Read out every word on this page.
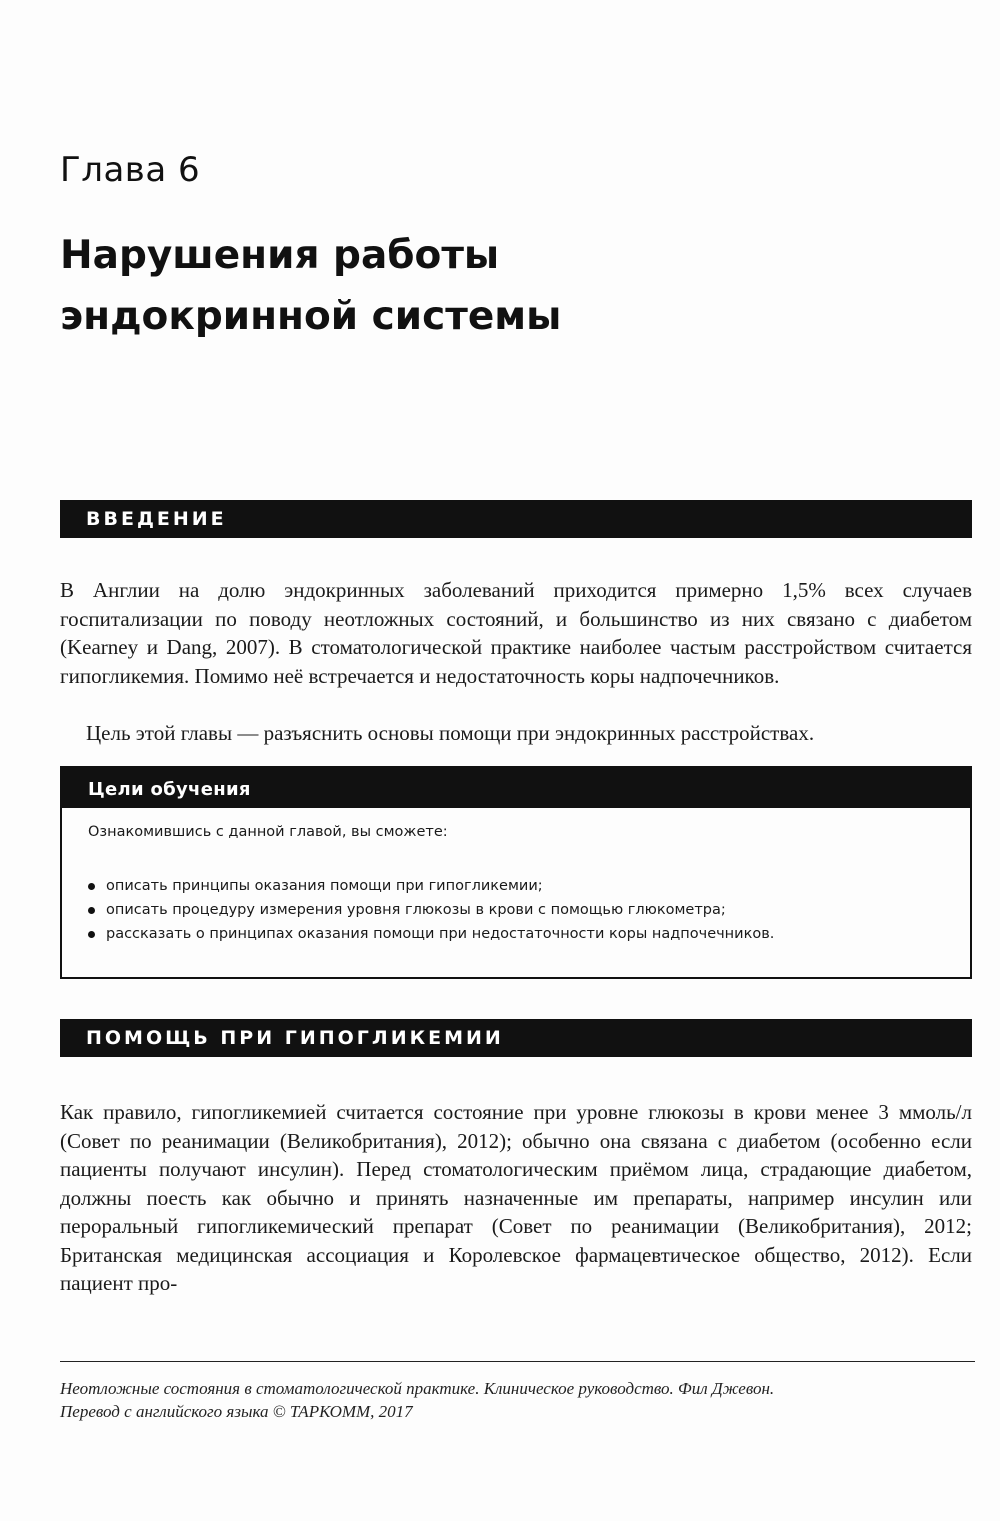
Глава 6
Нарушения работы
эндокринной системы
ВВЕДЕНИЕ

В Англии на долю эндокринных заболеваний приходится примерно 1,5% всех случаев госпитализации по поводу неотложных состояний, и большинство из них связано с диабетом (Kearney и Dang, 2007). В стоматологической практике наиболее частым расстройством считается гипогликемия. Помимо неё встречается и недостаточность коры надпочечников.

Цель этой главы — разъяснить основы помощи при эндокринных расстройствах.

Цели обучения
Ознакомившись с данной главой, вы сможете:
описать принципы оказания помощи при гипогликемии;
описать процедуру измерения уровня глюкозы в крови с помощью глюкометра;
рассказать о принципах оказания помощи при недостаточности коры надпочечников.
ПОМОЩЬ ПРИ ГИПОГЛИКЕМИИ

Как правило, гипогликемией считается состояние при уровне глюкозы в крови менее 3 ммоль/л (Совет по реанимации (Великобритания), 2012); обычно она связана с диабетом (особенно если пациенты получают инсулин). Перед стоматологическим приёмом лица, страдающие диабетом, должны поесть как обычно и принять назначенные им препараты, например инсулин или пероральный гипогликемический препарат (Совет по реанимации (Великобритания), 2012; Британская медицинская ассоциация и Королевское фармацевтическое общество, 2012). Если пациент про-

Неотложные состояния в стоматологической практике. Клиническое руководство. Фил Джевон.
Перевод с английского языка © ТАРКОММ, 2017
